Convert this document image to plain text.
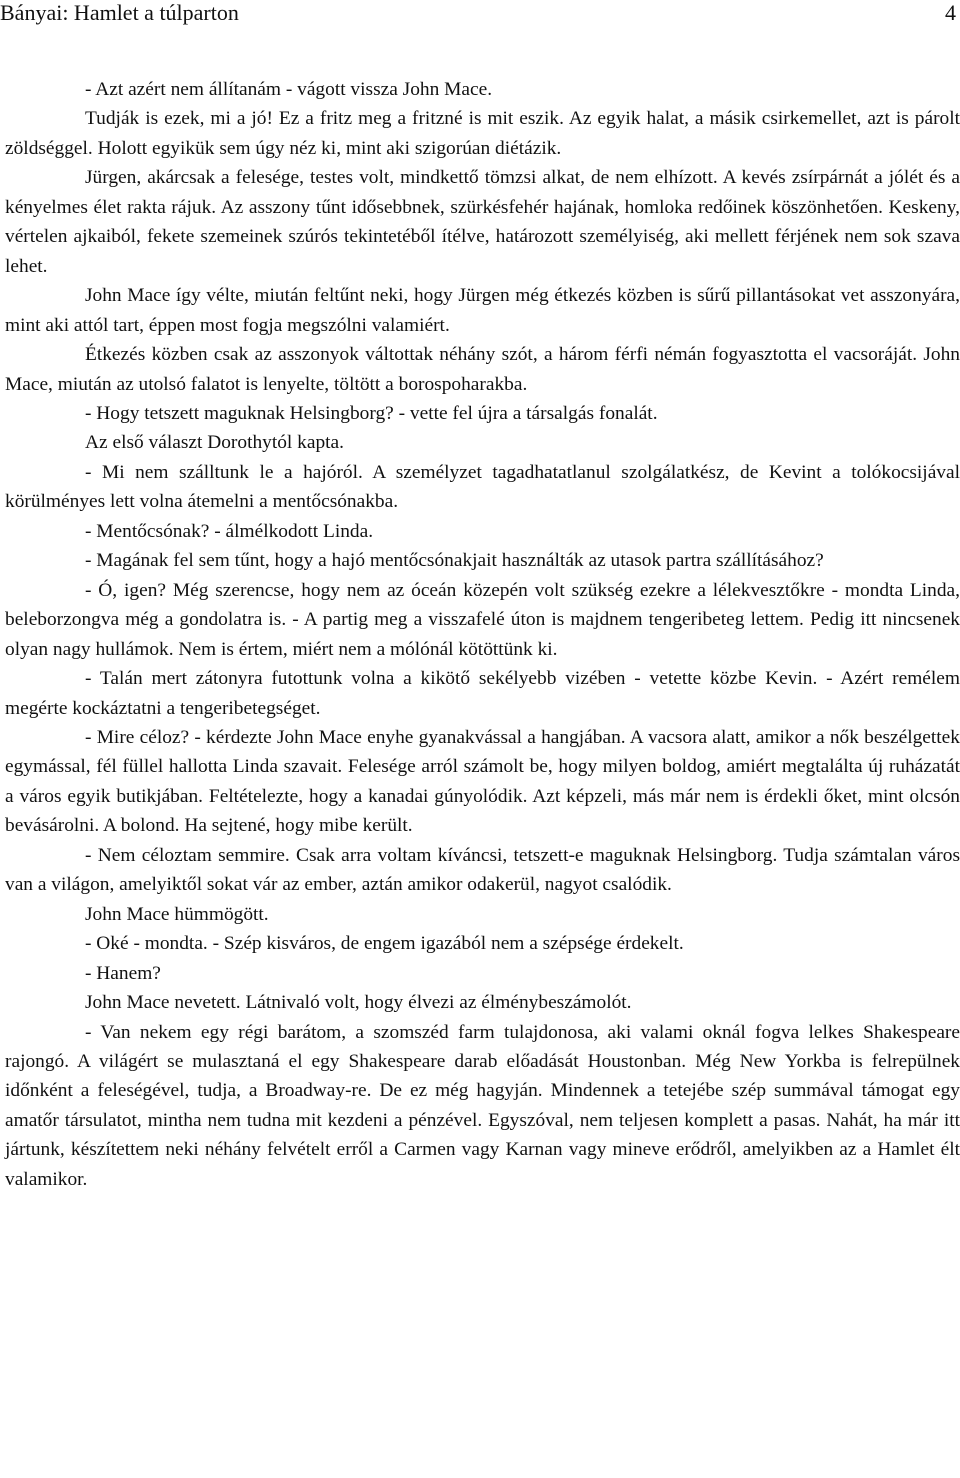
Bányai: Hamlet a túlparton	4

- Azt azért nem állítanám - vágott vissza John Mace.

Tudják is ezek, mi a jó! Ez a fritz meg a fritzné is mit eszik. Az egyik halat, a másik csirkemellet, azt is párolt zöldséggel. Holott egyikük sem úgy néz ki, mint aki szigorúan diétázik.

Jürgen, akárcsak a felesége, testes volt, mindkettő tömzsi alkat, de nem elhízott. A kevés zsírpárnát a jólét és a kényelmes élet rakta rájuk. Az asszony tűnt idősebbnek, szürkésfehér hajának, homloka redőinek köszönhetően. Keskeny, vértelen ajkaiból, fekete szemeinek szúrós tekintetéből ítélve, határozott személyiség, aki mellett férjének nem sok szava lehet.

John Mace így vélte, miután feltűnt neki, hogy Jürgen még étkezés közben is sűrű pillantásokat vet asszonyára, mint aki attól tart, éppen most fogja megszólni valamiért.

Étkezés közben csak az asszonyok váltottak néhány szót, a három férfi némán fogyasztotta el vacsoráját. John Mace, miután az utolsó falatot is lenyelte, töltött a borospoharakba.

- Hogy tetszett maguknak Helsingborg? - vette fel újra a társalgás fonalát.

Az első választ Dorothytól kapta.

- Mi nem szálltunk le a hajóról. A személyzet tagadhatatlanul szolgálatkész, de Kevint a tolókocsijával körülményes lett volna átemelni a mentőcsónakba.

- Mentőcsónak? - álmélkodott Linda.

- Magának fel sem tűnt, hogy a hajó mentőcsónakjait használták az utasok partra szállításához?

- Ó, igen? Még szerencse, hogy nem az óceán közepén volt szükség ezekre a lélekvesztőkre - mondta Linda, beleborzongva még a gondolatra is. - A partig meg a visszafelé úton is majdnem tengeribeteg lettem. Pedig itt nincsenek olyan nagy hullámok. Nem is értem, miért nem a mólónál kötöttünk ki.

- Talán mert zátonyra futottunk volna a kikötő sekélyebb vizében - vetette közbe Kevin. - Azért remélem megérte kockáztatni a tengeribetegséget.

- Mire céloz? - kérdezte John Mace enyhe gyanakvással a hangjában. A vacsora alatt, amikor a nők beszélgettek egymással, fél füllel hallotta Linda szavait. Felesége arról számolt be, hogy milyen boldog, amiért megtalálta új ruházatát a város egyik butikjában. Feltételezte, hogy a kanadai gúnyolódik. Azt képzeli, más már nem is érdekli őket, mint olcsón bevásárolni. A bolond. Ha sejtené, hogy mibe került.

- Nem céloztam semmire. Csak arra voltam kíváncsi, tetszett-e maguknak Helsingborg. Tudja számtalan város van a világon, amelyiktől sokat vár az ember, aztán amikor odakerül, nagyot csalódik.

John Mace hümmögött.

- Oké - mondta. - Szép kisváros, de engem igazából nem a szépsége érdekelt.

- Hanem?

John Mace nevetett. Látnivaló volt, hogy élvezi az élménybeszámolót.

- Van nekem egy régi barátom, a szomszéd farm tulajdonosa, aki valami oknál fogva lelkes Shakespeare rajongó. A világért se mulasztaná el egy Shakespeare darab előadását Houstonban. Még New Yorkba is felrepülnek időnként a feleségével, tudja, a Broadway-re. De ez még hagyján. Mindennek a tetejébe szép summával támogat egy amatőr társulatot, mintha nem tudna mit kezdeni a pénzével. Egyszóval, nem teljesen komplett a pasas. Nahát, ha már itt jártunk, készítettem neki néhány felvételt erről a Carmen vagy Karnan vagy mineve erődről, amelyikben az a Hamlet élt valamikor.
